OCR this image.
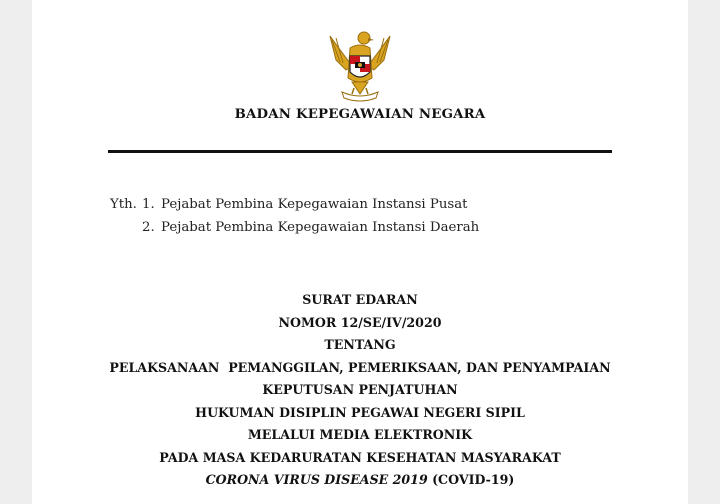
BADAN KEPEGAWAIAN NEGARA
Yth. 1. Pejabat Pembina Kepegawaian Instansi Pusat
2. Pejabat Pembina Kepegawaian Instansi Daerah
SURAT EDARAN
NOMOR 12/SE/IV/2020
TENTANG
PELAKSANAAN  PEMANGGILAN, PEMERIKSAAN, DAN PENYAMPAIAN
KEPUTUSAN PENJATUHAN
HUKUMAN DISIPLIN PEGAWAI NEGERI SIPIL
MELALUI MEDIA ELEKTRONIK
PADA MASA KEDARURATAN KESEHATAN MASYARAKAT
CORONA VIRUS DISEASE 2019 (COVID-19)
